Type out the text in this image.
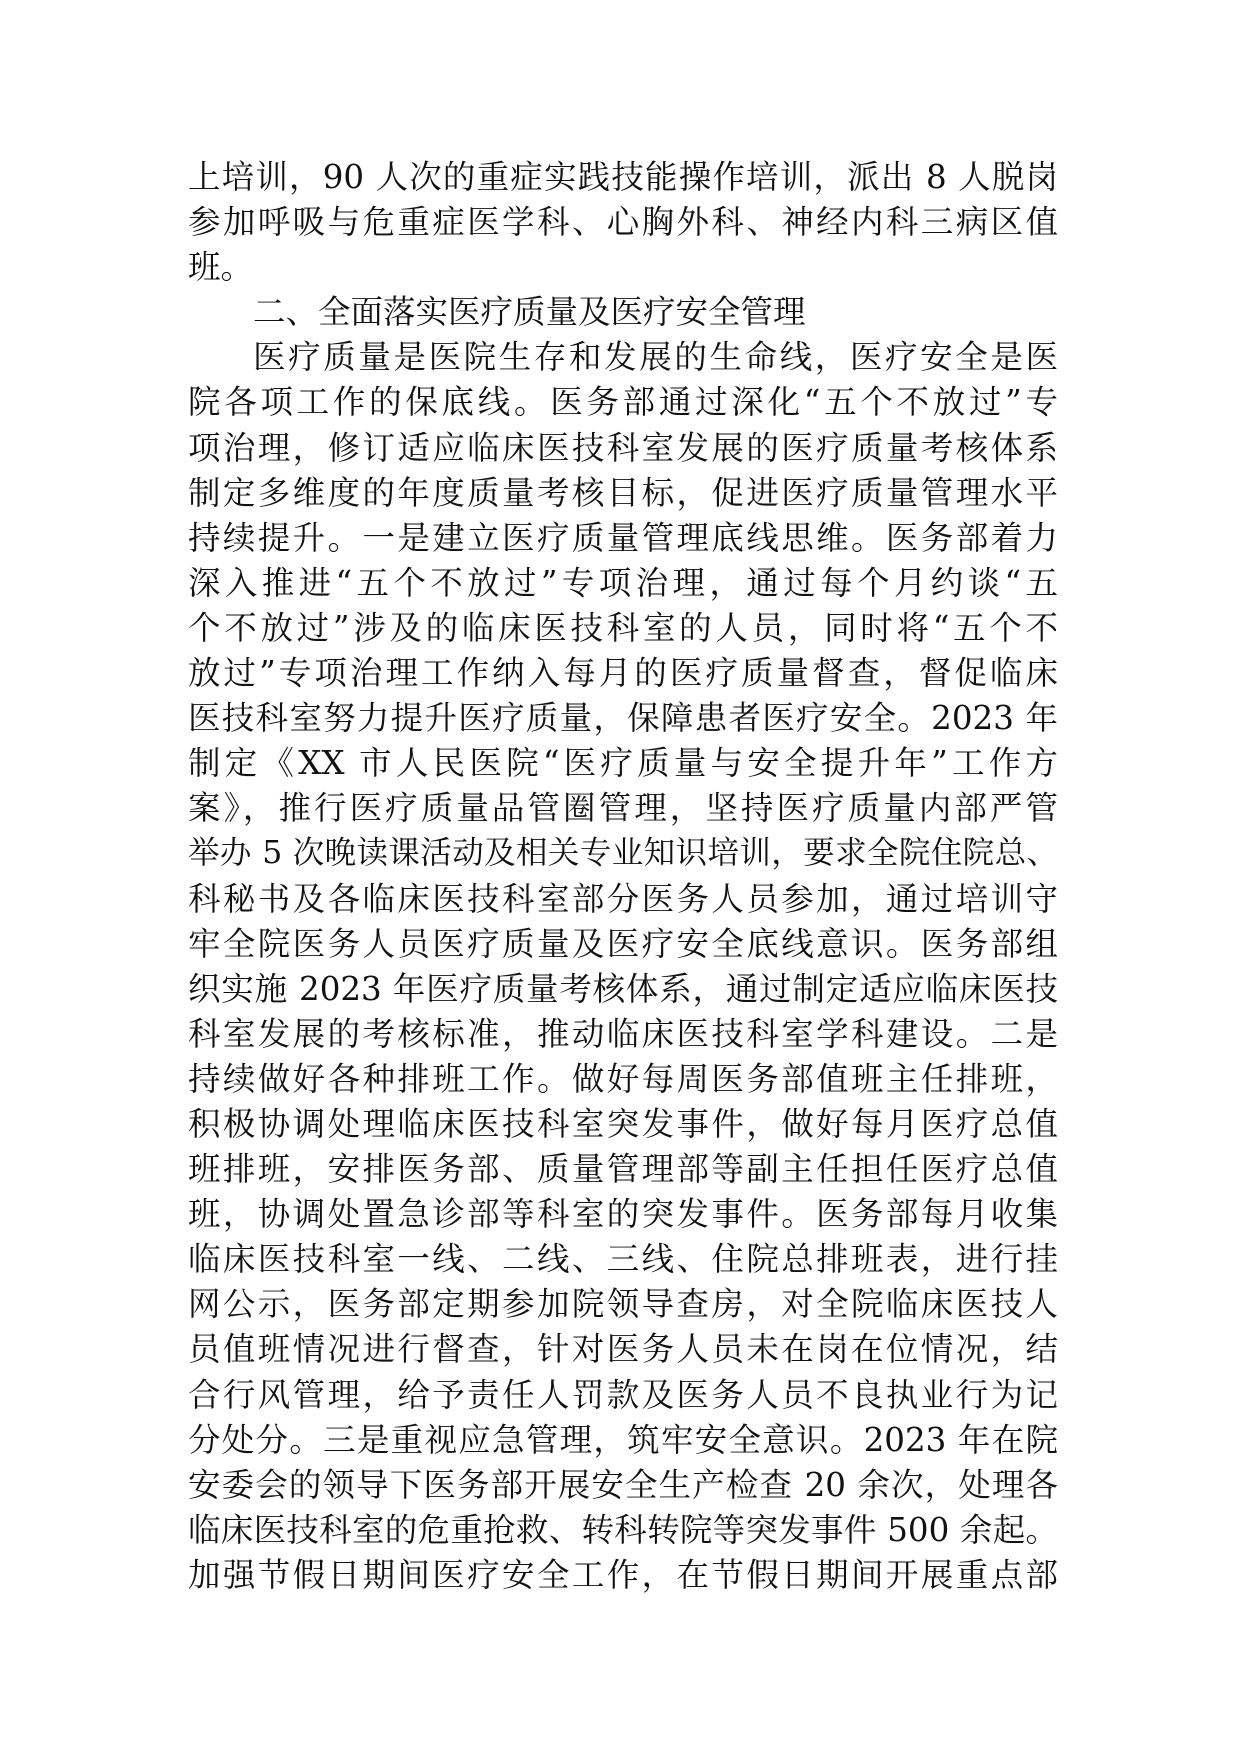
上培训，90 人次的重症实践技能操作培训，派出 8 人脱岗
参加呼吸与危重症医学科、心胸外科、神经内科三病区值
班。
二、全面落实医疗质量及医疗安全管理
医疗质量是医院生存和发展的生命线，医疗安全是医
院各项工作的保底线。医务部通过深化“五个不放过”专
项治理，修订适应临床医技科室发展的医疗质量考核体系
制定多维度的年度质量考核目标，促进医疗质量管理水平
持续提升。一是建立医疗质量管理底线思维。医务部着力
深入推进“五个不放过”专项治理，通过每个月约谈“五
个不放过”涉及的临床医技科室的人员，同时将“五个不
放过”专项治理工作纳入每月的医疗质量督查，督促临床
医技科室努力提升医疗质量，保障患者医疗安全。2023 年
制定《XX 市人民医院“医疗质量与安全提升年”工作方
案》，推行医疗质量品管圈管理，坚持医疗质量内部严管
举办 5 次晚读课活动及相关专业知识培训，要求全院住院总、
科秘书及各临床医技科室部分医务人员参加，通过培训守
牢全院医务人员医疗质量及医疗安全底线意识。医务部组
织实施 2023 年医疗质量考核体系，通过制定适应临床医技
科室发展的考核标准，推动临床医技科室学科建设。二是
持续做好各种排班工作。做好每周医务部值班主任排班，
积极协调处理临床医技科室突发事件，做好每月医疗总值
班排班，安排医务部、质量管理部等副主任担任医疗总值
班，协调处置急诊部等科室的突发事件。医务部每月收集
临床医技科室一线、二线、三线、住院总排班表，进行挂
网公示，医务部定期参加院领导查房，对全院临床医技人
员值班情况进行督查，针对医务人员未在岗在位情况，结
合行风管理，给予责任人罚款及医务人员不良执业行为记
分处分。三是重视应急管理，筑牢安全意识。2023 年在院
安委会的领导下医务部开展安全生产检查 20 余次，处理各
临床医技科室的危重抢救、转科转院等突发事件 500 余起。
加强节假日期间医疗安全工作，在节假日期间开展重点部
